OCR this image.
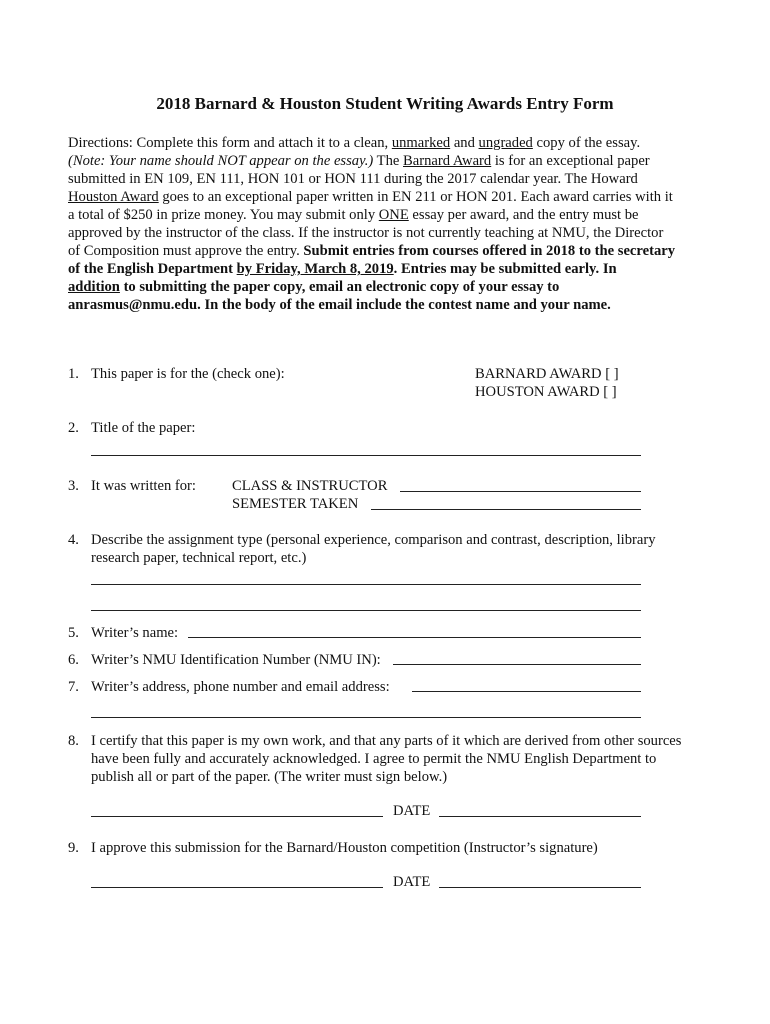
2018 Barnard & Houston Student Writing Awards Entry Form
Directions: Complete this form and attach it to a clean, unmarked and ungraded copy of the essay.
(Note: Your name should NOT appear on the essay.) The Barnard Award is for an exceptional paper
submitted in EN 109, EN 111, HON 101 or HON 111 during the 2017 calendar year. The Howard
Houston Award goes to an exceptional paper written in EN 211 or HON 201. Each award carries with it
a total of $250 in prize money. You may submit only ONE essay per award, and the entry must be
approved by the instructor of the class. If the instructor is not currently teaching at NMU, the Director
of Composition must approve the entry. Submit entries from courses offered in 2018 to the secretary
of the English Department by Friday, March 8, 2019. Entries may be submitted early. In
addition to submitting the paper copy, email an electronic copy of your essay to
anrasmus@nmu.edu. In the body of the email include the contest name and your name.
1. This paper is for the (check one):	BARNARD AWARD [ ]
HOUSTON AWARD [ ]
2. Title of the paper:
3. It was written for: CLASS & INSTRUCTOR
SEMESTER TAKEN
4. Describe the assignment type (personal experience, comparison and contrast, description, library
research paper, technical report, etc.)
5. Writer’s name:
6. Writer’s NMU Identification Number (NMU IN):
7. Writer’s address, phone number and email address:
8. I certify that this paper is my own work, and that any parts of it which are derived from other sources
have been fully and accurately acknowledged. I agree to permit the NMU English Department to
publish all or part of the paper. (The writer must sign below.)
DATE
9. I approve this submission for the Barnard/Houston competition (Instructor’s signature)
DATE
